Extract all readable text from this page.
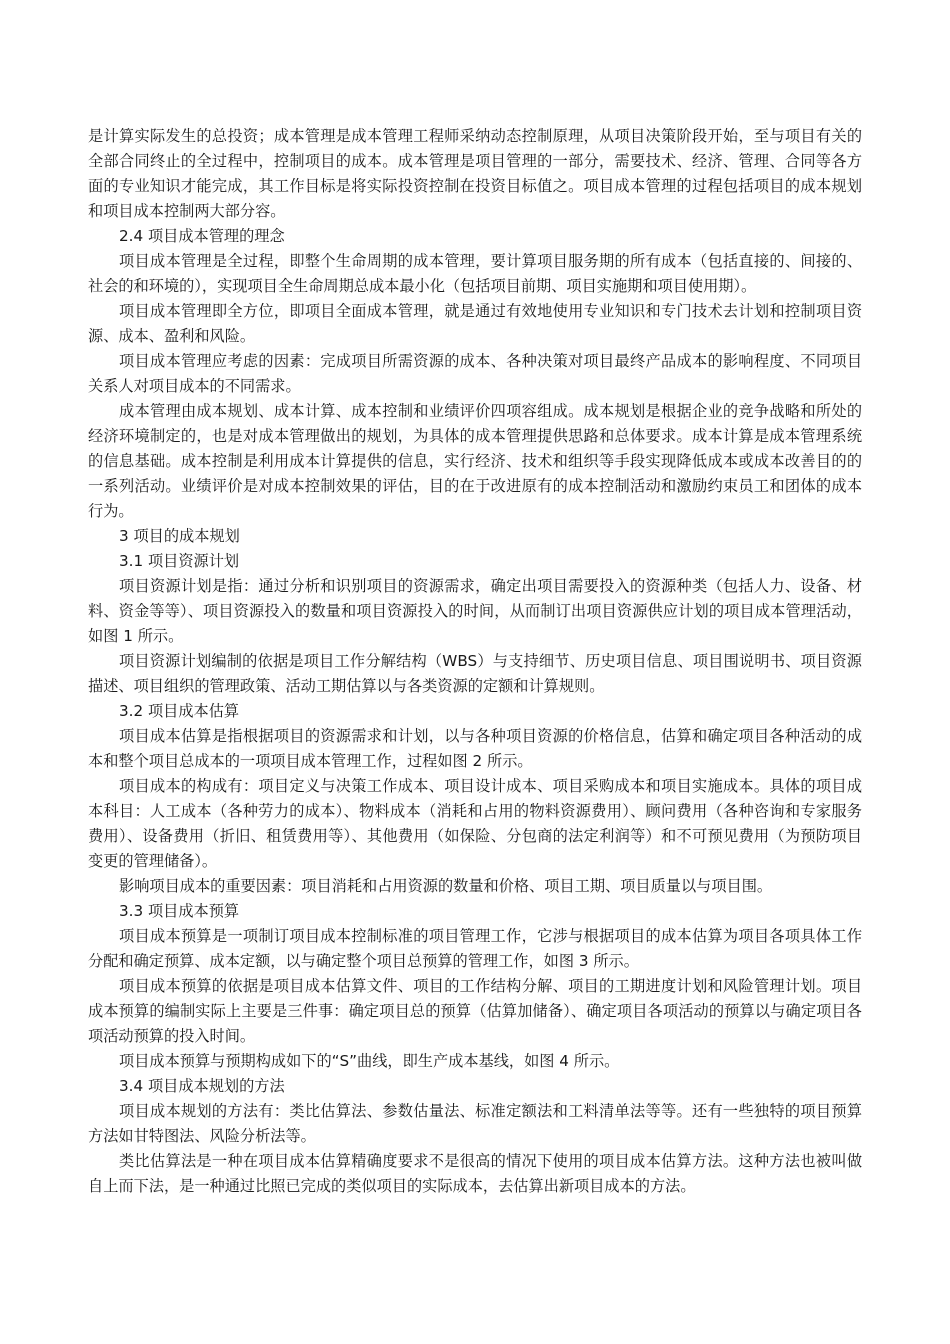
是计算实际发生的总投资；成本管理是成本管理工程师采纳动态控制原理，从项目决策阶段开始，至与项目有关的全部合同终止的全过程中，控制项目的成本。成本管理是项目管理的一部分，需要技术、经济、管理、合同等各方面的专业知识才能完成，其工作目标是将实际投资控制在投资目标值之。项目成本管理的过程包括项目的成本规划和项目成本控制两大部分容。

2.4 项目成本管理的理念

项目成本管理是全过程，即整个生命周期的成本管理，要计算项目服务期的所有成本（包括直接的、间接的、社会的和环境的），实现项目全生命周期总成本最小化（包括项目前期、项目实施期和项目使用期）。

项目成本管理即全方位，即项目全面成本管理，就是通过有效地使用专业知识和专门技术去计划和控制项目资源、成本、盈利和风险。

项目成本管理应考虑的因素：完成项目所需资源的成本、各种决策对项目最终产品成本的影响程度、不同项目关系人对项目成本的不同需求。

成本管理由成本规划、成本计算、成本控制和业绩评价四项容组成。成本规划是根据企业的竞争战略和所处的经济环境制定的，也是对成本管理做出的规划，为具体的成本管理提供思路和总体要求。成本计算是成本管理系统的信息基础。成本控制是利用成本计算提供的信息，实行经济、技术和组织等手段实现降低成本或成本改善目的的一系列活动。业绩评价是对成本控制效果的评估，目的在于改进原有的成本控制活动和激励约束员工和团体的成本行为。

3 项目的成本规划

3.1 项目资源计划

项目资源计划是指：通过分析和识别项目的资源需求，确定出项目需要投入的资源种类（包括人力、设备、材料、资金等等）、项目资源投入的数量和项目资源投入的时间，从而制订出项目资源供应计划的项目成本管理活动，如图 1 所示。

项目资源计划编制的依据是项目工作分解结构（WBS）与支持细节、历史项目信息、项目围说明书、项目资源描述、项目组织的管理政策、活动工期估算以与各类资源的定额和计算规则。

3.2 项目成本估算

项目成本估算是指根据项目的资源需求和计划，以与各种项目资源的价格信息，估算和确定项目各种活动的成本和整个项目总成本的一项项目成本管理工作，过程如图 2 所示。

项目成本的构成有：项目定义与决策工作成本、项目设计成本、项目采购成本和项目实施成本。具体的项目成本科目：人工成本（各种劳力的成本）、物料成本（消耗和占用的物料资源费用）、顾问费用（各种咨询和专家服务费用）、设备费用（折旧、租赁费用等）、其他费用（如保险、分包商的法定利润等）和不可预见费用（为预防项目变更的管理储备）。

影响项目成本的重要因素：项目消耗和占用资源的数量和价格、项目工期、项目质量以与项目围。

3.3 项目成本预算

项目成本预算是一项制订项目成本控制标准的项目管理工作，它涉与根据项目的成本估算为项目各项具体工作分配和确定预算、成本定额，以与确定整个项目总预算的管理工作，如图 3 所示。

项目成本预算的依据是项目成本估算文件、项目的工作结构分解、项目的工期进度计划和风险管理计划。项目成本预算的编制实际上主要是三件事：确定项目总的预算（估算加储备）、确定项目各项活动的预算以与确定项目各项活动预算的投入时间。

项目成本预算与预期构成如下的“S”曲线，即生产成本基线，如图 4 所示。

3.4 项目成本规划的方法

项目成本规划的方法有：类比估算法、参数估量法、标准定额法和工料清单法等等。还有一些独特的项目预算方法如甘特图法、风险分析法等。

类比估算法是一种在项目成本估算精确度要求不是很高的情况下使用的项目成本估算方法。这种方法也被叫做自上而下法，是一种通过比照已完成的类似项目的实际成本，去估算出新项目成本的方法。
